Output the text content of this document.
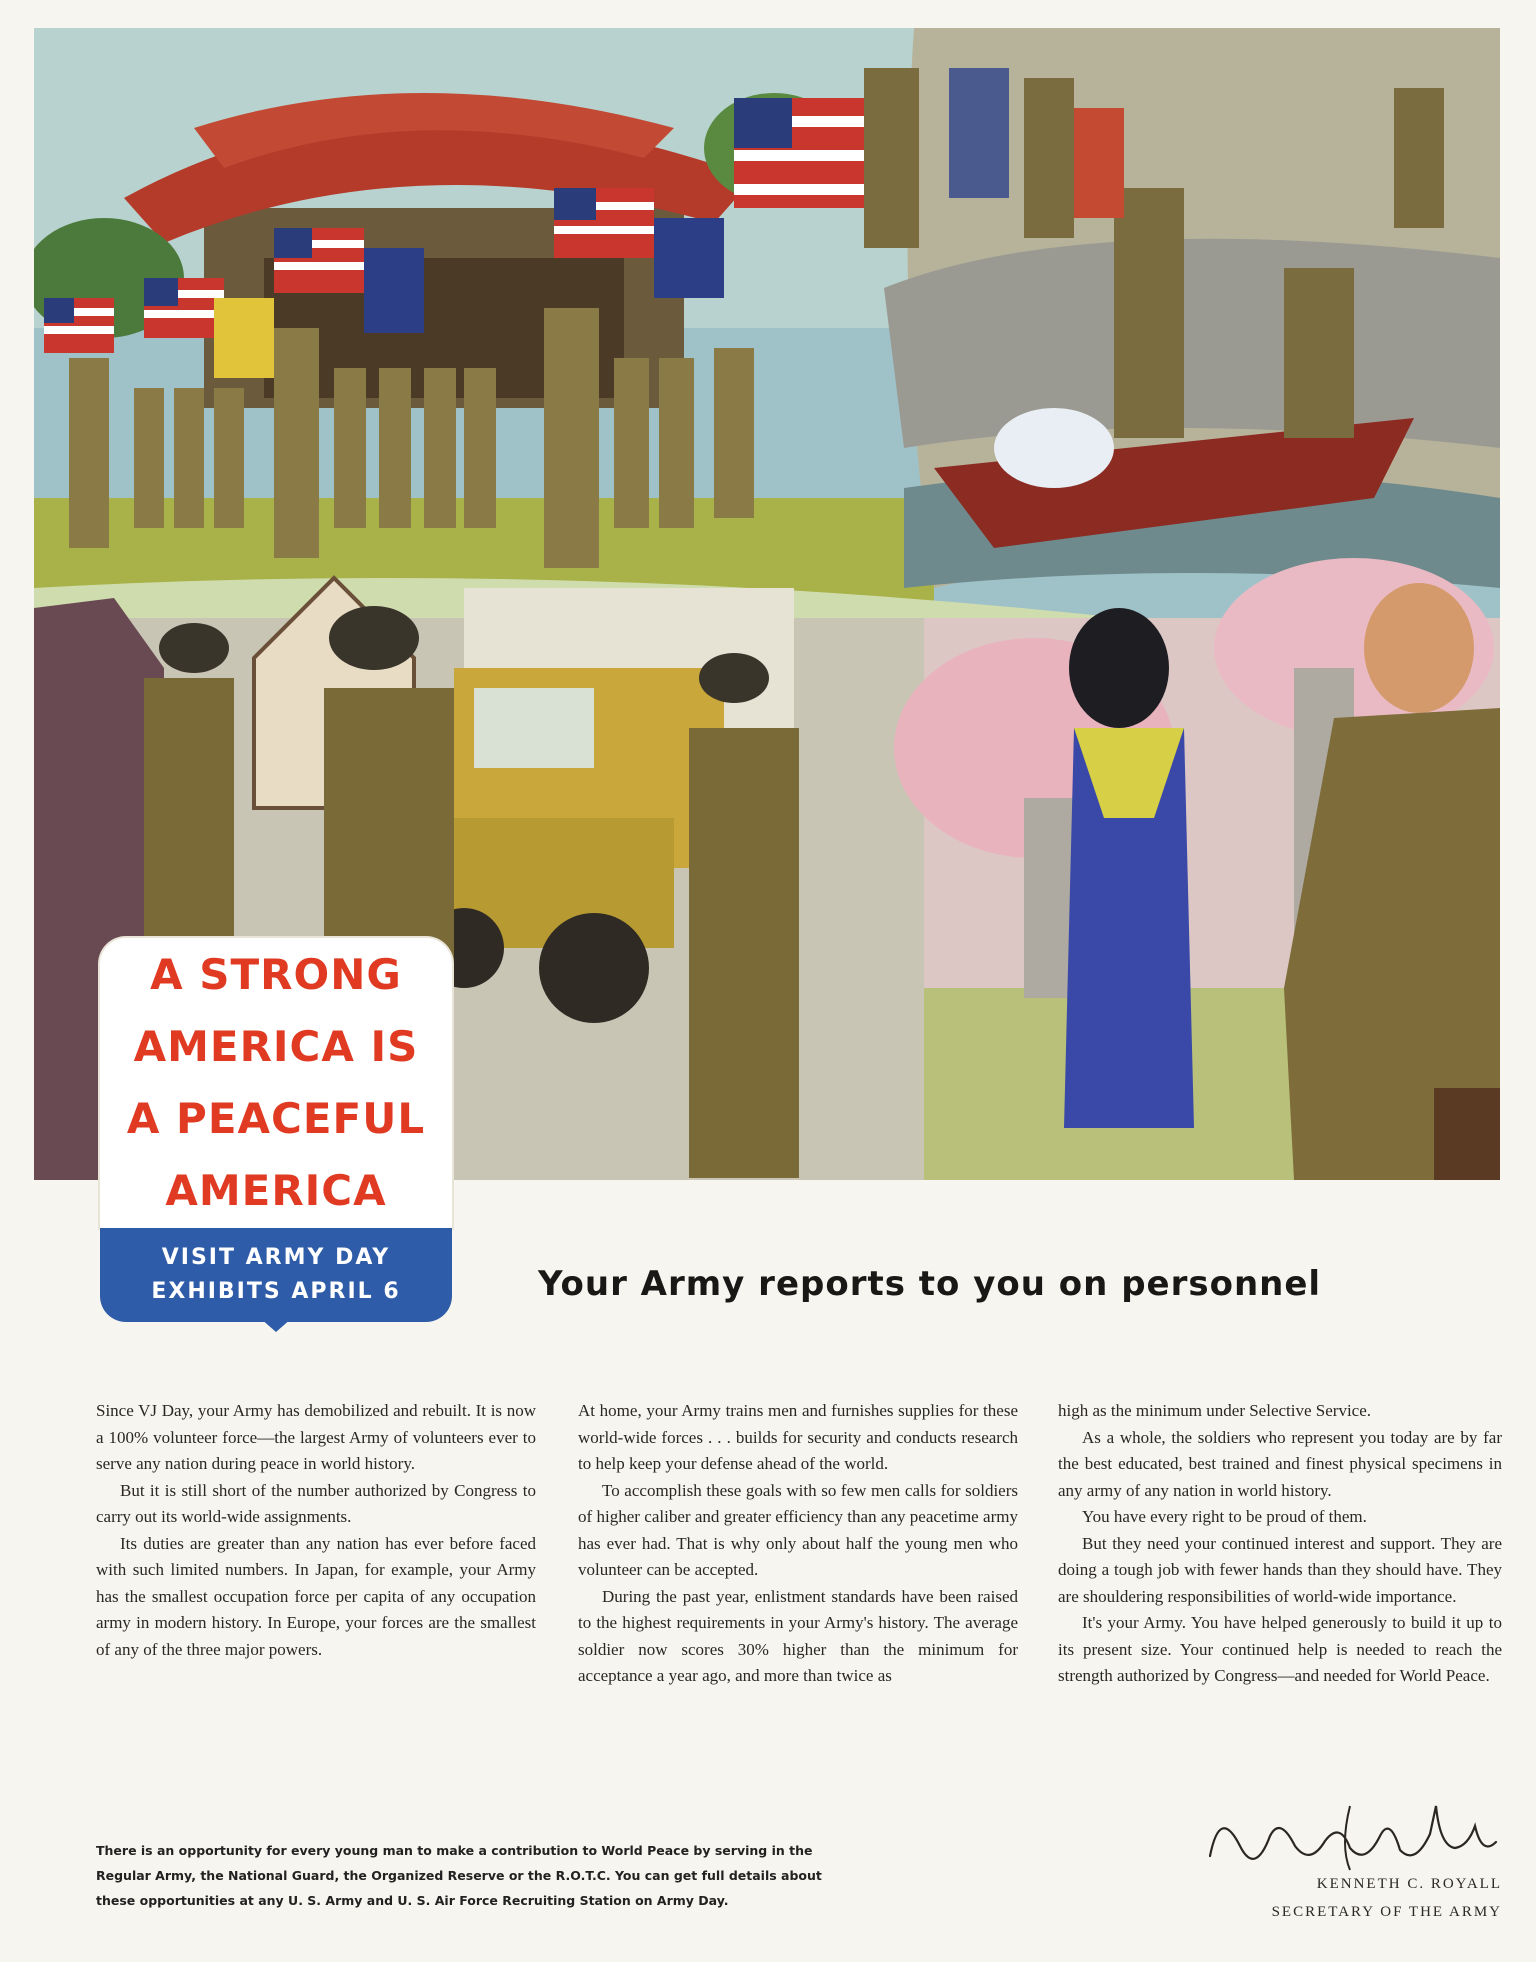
A STRONG
AMERICA IS
A PEACEFUL
AMERICA
VISIT ARMY DAY
EXHIBITS APRIL 6	Your Army reports to you on personnel

Since VJ Day, your Army has demobilized and rebuilt. It is now a 100% volunteer force—the largest Army of volunteers ever to serve any nation during peace in world history.

But it is still short of the number authorized by Congress to carry out its world-wide assignments.

Its duties are greater than any nation has ever before faced with such limited numbers. In Japan, for example, your Army has the smallest occupation force per capita of any occupation army in modern history. In Europe, your forces are the smallest of any of the three major powers.

At home, your Army trains men and furnishes supplies for these world-wide forces . . . builds for security and conducts research to help keep your defense ahead of the world.

To accomplish these goals with so few men calls for soldiers of higher caliber and greater efficiency than any peacetime army has ever had. That is why only about half the young men who volunteer can be accepted.

During the past year, enlistment standards have been raised to the highest requirements in your Army's history. The average soldier now scores 30% higher than the minimum for acceptance a year ago, and more than twice as

high as the minimum under Selective Service.

As a whole, the soldiers who represent you today are by far the best educated, best trained and finest physical specimens in any army of any nation in world history.

You have every right to be proud of them.

But they need your continued interest and support. They are doing a tough job with fewer hands than they should have. They are shouldering responsibilities of world-wide importance.

It's your Army. You have helped generously to build it up to its present size. Your continued help is needed to reach the strength authorized by Congress—and needed for World Peace.

There is an opportunity for every young man to make a contribution to World Peace by serving in the Regular Army, the National Guard, the Organized Reserve or the R.O.T.C. You can get full details about these opportunities at any U. S. Army and U. S. Air Force Recruiting Station on Army Day.
KENNETH C. ROYALL
SECRETARY OF THE ARMY
